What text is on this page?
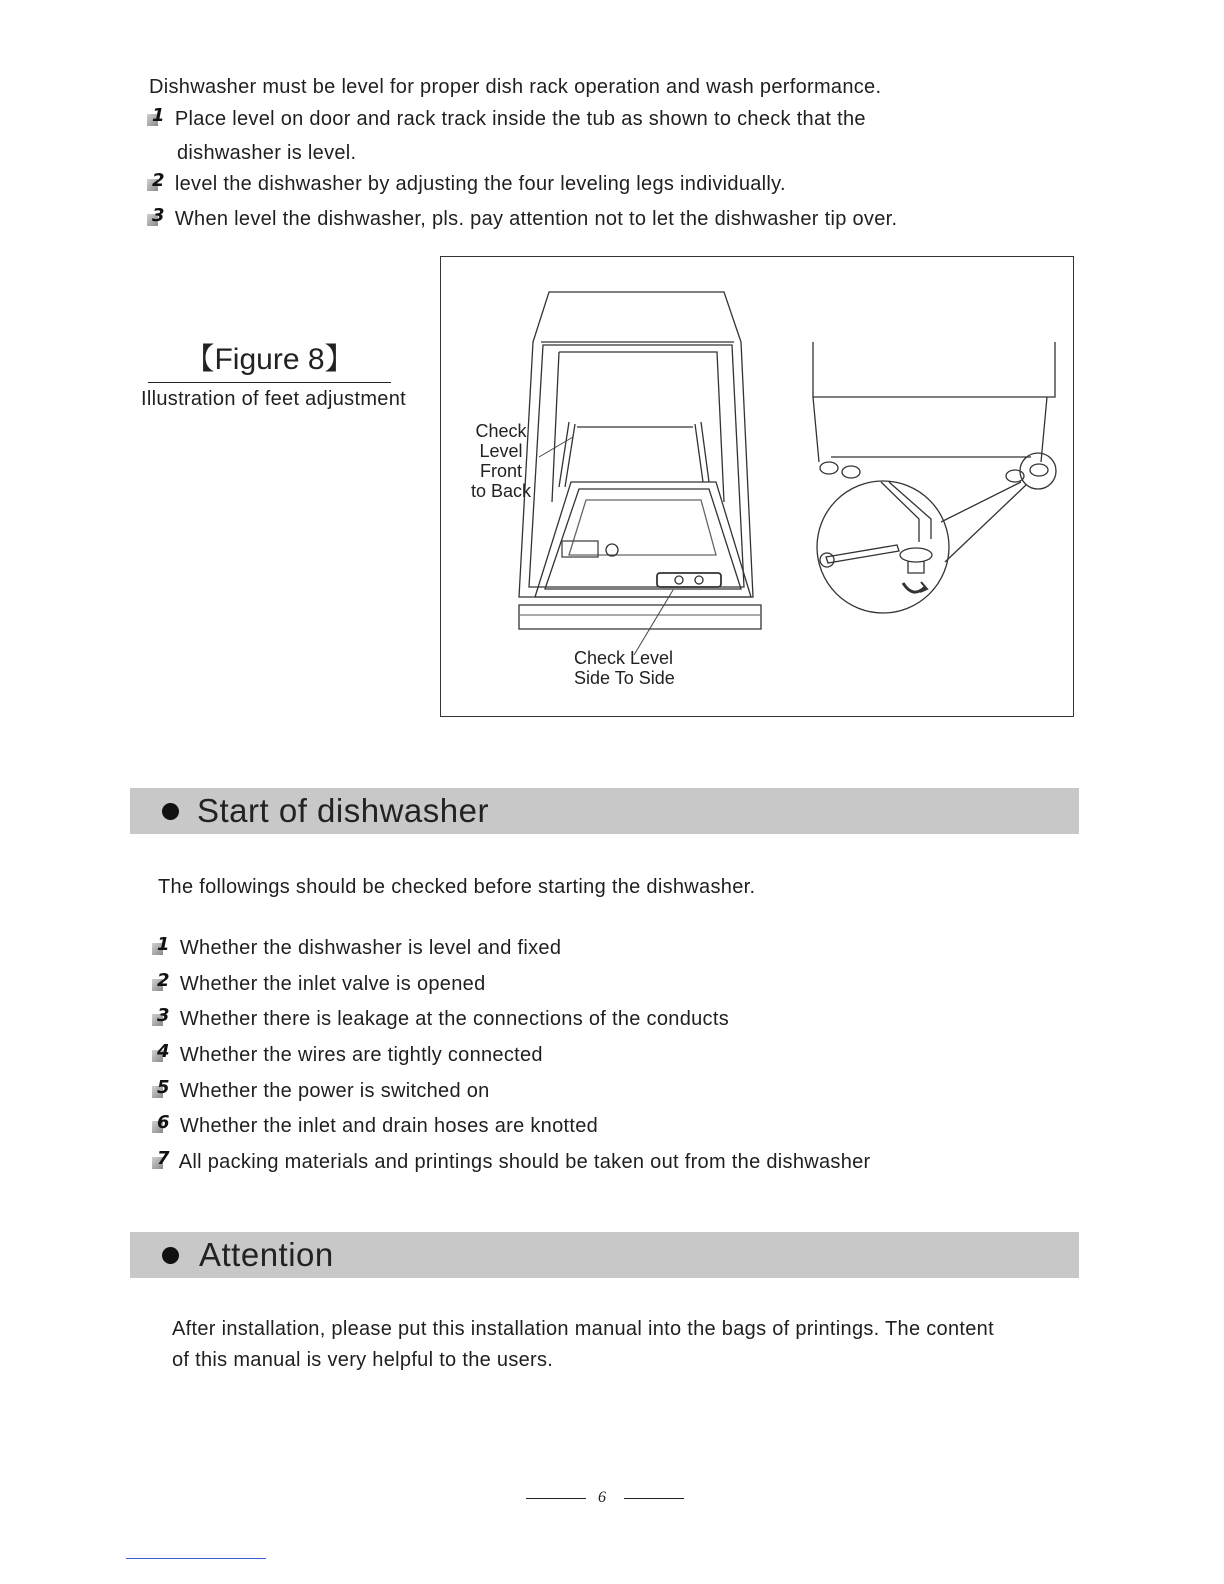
Dishwasher must be level for proper dish rack operation and wash performance.
1 Place level on door and rack track inside the tub as shown to check that the
dishwasher is level.
2 level the dishwasher by adjusting the four leveling legs individually.
3 When level the dishwasher, pls. pay attention not to let the dishwasher tip over.
【Figure 8】
Illustration of feet adjustment
Check
Level
Front
to Back
Check Level
Side To Side
Start of dishwasher
The followings should be checked before starting the dishwasher.
1 Whether the dishwasher is level and fixed
2 Whether the inlet valve is opened
3 Whether there is leakage at the connections of the conducts
4 Whether the wires are tightly connected
5 Whether the power is switched on
6 Whether the inlet and drain hoses are knotted
7 All packing materials and printings should be taken out from the dishwasher
Attention
After installation, please put this installation manual into the bags of printings. The content
of this manual is very helpful to the users.
6
